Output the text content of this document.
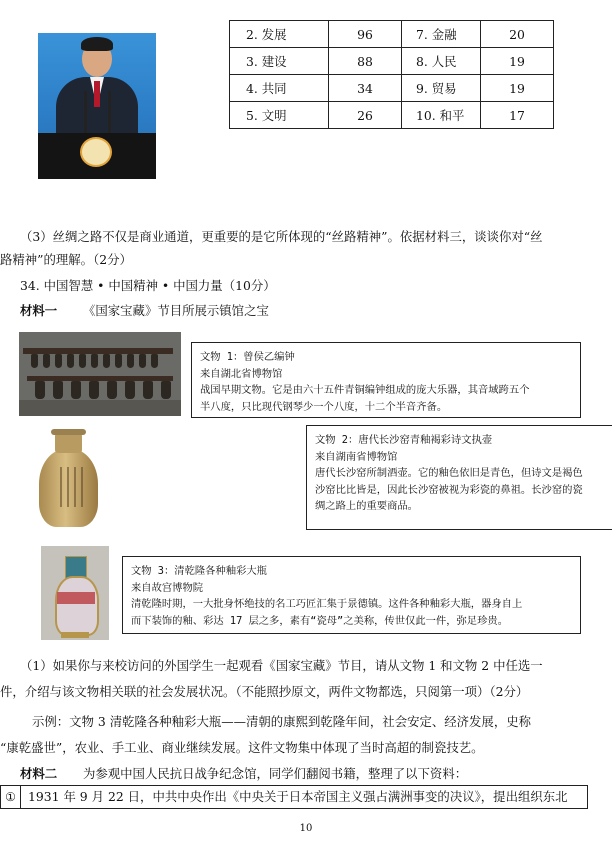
2. 发展	96	7. 金融	20
3. 建设	88	8. 人民	19
4. 共同	34	9. 贸易	19
5. 文明	26	10. 和平	17
（3）丝绸之路不仅是商业通道，更重要的是它所体现的“丝路精神”。依据材料三，谈谈你对“丝
路精神”的理解。（2分）
34. 中国智慧 • 中国精神 • 中国力量（10分）
材料一 《国家宝藏》节目所展示镇馆之宝
文物 1：曾侯乙编钟
来自湖北省博物馆
战国早期文物。它是由六十五件青铜编钟组成的庞大乐器，其音域跨五个
半八度，只比现代钢琴少一个八度，十二个半音齐备。
文物 2：唐代长沙窑青釉褐彩诗文执壶
来自湖南省博物馆
唐代长沙窑所制酒壶。它的釉色依旧是青色，但诗文是褐色
沙窑比比皆是，因此长沙窑被视为彩瓷的鼻祖。长沙窑的瓷
绸之路上的重要商品。
文物 3：清乾隆各种釉彩大瓶
来自故宫博物院
清乾隆时期，一大批身怀绝技的名工巧匠汇集于景德镇。这件各种釉彩大瓶，器身自上
而下装饰的釉、彩达 17 层之多，素有“瓷母”之美称，传世仅此一件，弥足珍贵。
（1）如果你与来校访问的外国学生一起观看《国家宝藏》节目，请从文物 1 和文物 2 中任选一
件，介绍与该文物相关联的社会发展状况。（不能照抄原文，两件文物都选，只阅第一项）（2分）
示例：文物 3 清乾隆各种釉彩大瓶——清朝的康熙到乾隆年间，社会安定、经济发展，史称
“康乾盛世”，农业、手工业、商业继续发展。这件文物集中体现了当时高超的制瓷技艺。
材料二 为参观中国人民抗日战争纪念馆，同学们翻阅书籍，整理了以下资料：
① 1931 年 9 月 22 日，中共中央作出《中央关于日本帝国主义强占满洲事变的决议》，提出组织东北
10
